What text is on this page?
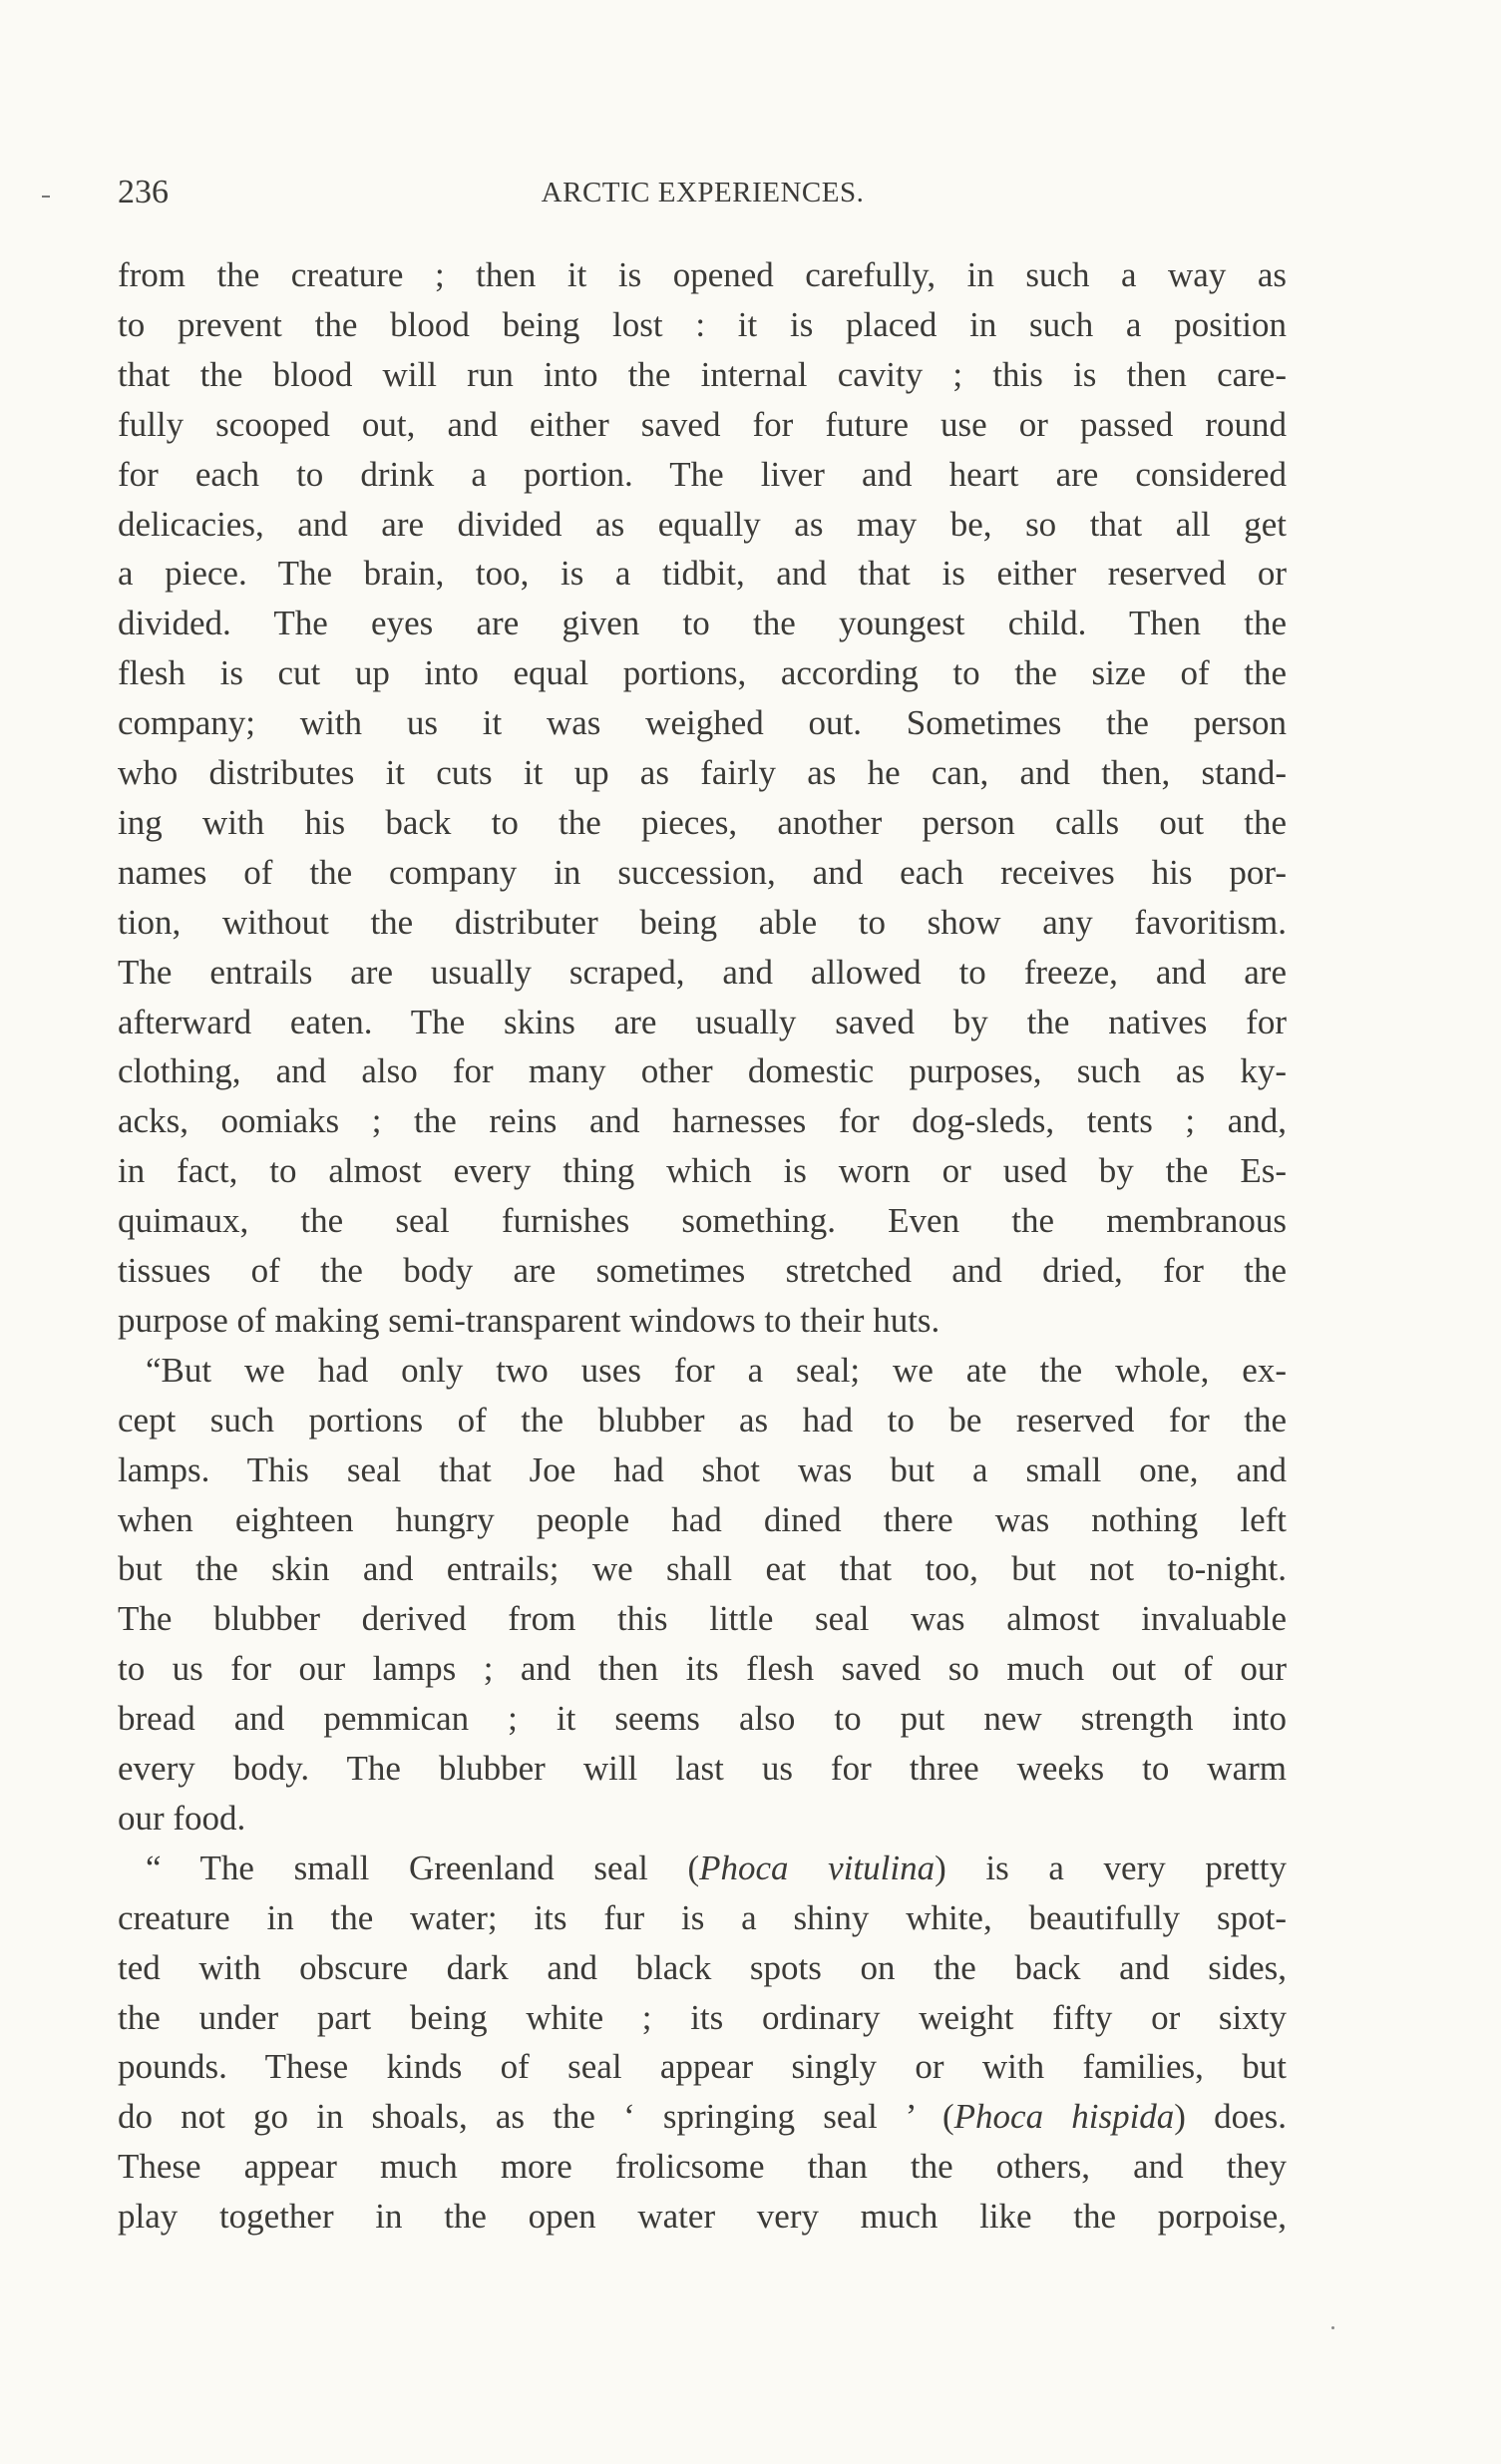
236	ARCTIC EXPERIENCES.
from the creature ; then it is opened carefully, in such a way as
to prevent the blood being lost : it is placed in such a position
that the blood will run into the internal cavity ; this is then care-
fully scooped out, and either saved for future use or passed round
for each to drink a portion. The liver and heart are considered
delicacies, and are divided as equally as may be, so that all get
a piece. The brain, too, is a tidbit, and that is either reserved or
divided. The eyes are given to the youngest child. Then the
flesh is cut up into equal portions, according to the size of the
company; with us it was weighed out. Sometimes the person
who distributes it cuts it up as fairly as he can, and then, stand-
ing with his back to the pieces, another person calls out the
names of the company in succession, and each receives his por-
tion, without the distributer being able to show any favoritism.
The entrails are usually scraped, and allowed to freeze, and are
afterward eaten. The skins are usually saved by the natives for
clothing, and also for many other domestic purposes, such as ky-
acks, oomiaks ; the reins and harnesses for dog-sleds, tents ; and,
in fact, to almost every thing which is worn or used by the Es-
quimaux, the seal furnishes something. Even the membranous
tissues of the body are sometimes stretched and dried, for the
purpose of making semi-transparent windows to their huts.
“But we had only two uses for a seal; we ate the whole, ex-
cept such portions of the blubber as had to be reserved for the
lamps. This seal that Joe had shot was but a small one, and
when eighteen hungry people had dined there was nothing left
but the skin and entrails; we shall eat that too, but not to-night.
The blubber derived from this little seal was almost invaluable
to us for our lamps ; and then its flesh saved so much out of our
bread and pemmican ; it seems also to put new strength into
every body. The blubber will last us for three weeks to warm
our food.
“ The small Greenland seal (Phoca vitulina) is a very pretty
creature in the water; its fur is a shiny white, beautifully spot-
ted with obscure dark and black spots on the back and sides,
the under part being white ; its ordinary weight fifty or sixty
pounds. These kinds of seal appear singly or with families, but
do not go in shoals, as the ‘ springing seal ’ (Phoca hispida) does.
These appear much more frolicsome than the others, and they
play together in the open water very much like the porpoise,
